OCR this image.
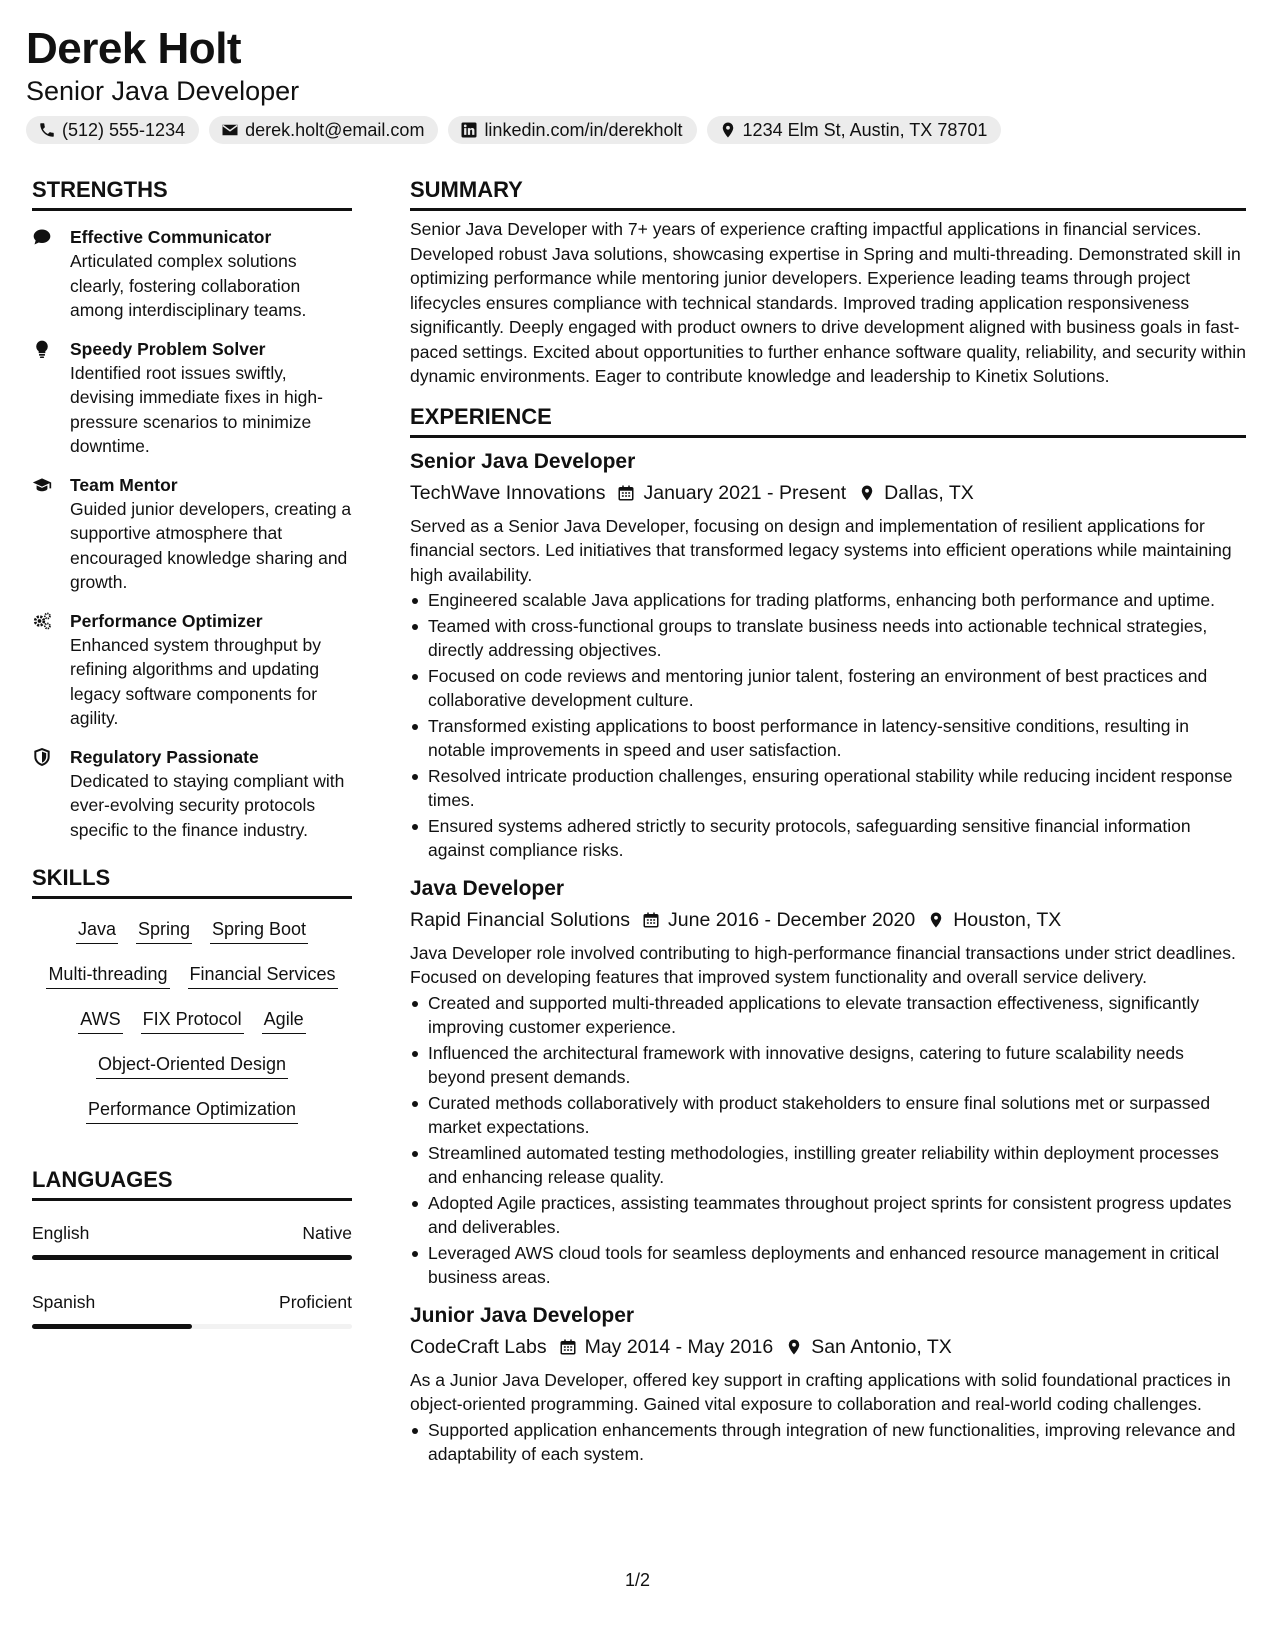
Derek Holt
Senior Java Developer
(512) 555-1234	derek.holt@email.com	linkedin.com/in/derekholt	1234 Elm St, Austin, TX 78701
STRENGTHS
Effective Communicator
Articulated complex solutions clearly, fostering collaboration among interdisciplinary teams.
Speedy Problem Solver
Identified root issues swiftly, devising immediate fixes in high-pressure scenarios to minimize downtime.
Team Mentor
Guided junior developers, creating a supportive atmosphere that encouraged knowledge sharing and growth.
Performance Optimizer
Enhanced system throughput by refining algorithms and updating legacy software components for agility.
Regulatory Passionate
Dedicated to staying compliant with ever-evolving security protocols specific to the finance industry.
SKILLS
Java Spring Spring Boot
Multi-threading Financial Services
AWS FIX Protocol Agile
Object-Oriented Design
Performance Optimization
LANGUAGES
English	Native
Spanish	Proficient
SUMMARY

Senior Java Developer with 7+ years of experience crafting impactful applications in financial services. Developed robust Java solutions, showcasing expertise in Spring and multi-threading. Demonstrated skill in optimizing performance while mentoring junior developers. Experience leading teams through project lifecycles ensures compliance with technical standards. Improved trading application responsiveness significantly. Deeply engaged with product owners to drive development aligned with business goals in fast-paced settings. Excited about opportunities to further enhance software quality, reliability, and security within dynamic environments. Eager to contribute knowledge and leadership to Kinetix Solutions.

EXPERIENCE
Senior Java Developer
TechWave Innovations January 2021 - Present Dallas, TX

Served as a Senior Java Developer, focusing on design and implementation of resilient applications for financial sectors. Led initiatives that transformed legacy systems into efficient operations while maintaining high availability.

Engineered scalable Java applications for trading platforms, enhancing both performance and uptime.
Teamed with cross-functional groups to translate business needs into actionable technical strategies, directly addressing objectives.
Focused on code reviews and mentoring junior talent, fostering an environment of best practices and collaborative development culture.
Transformed existing applications to boost performance in latency-sensitive conditions, resulting in notable improvements in speed and user satisfaction.
Resolved intricate production challenges, ensuring operational stability while reducing incident response times.
Ensured systems adhered strictly to security protocols, safeguarding sensitive financial information against compliance risks.
Java Developer
Rapid Financial Solutions June 2016 - December 2020 Houston, TX

Java Developer role involved contributing to high-performance financial transactions under strict deadlines. Focused on developing features that improved system functionality and overall service delivery.

Created and supported multi-threaded applications to elevate transaction effectiveness, significantly improving customer experience.
Influenced the architectural framework with innovative designs, catering to future scalability needs beyond present demands.
Curated methods collaboratively with product stakeholders to ensure final solutions met or surpassed market expectations.
Streamlined automated testing methodologies, instilling greater reliability within deployment processes and enhancing release quality.
Adopted Agile practices, assisting teammates throughout project sprints for consistent progress updates and deliverables.
Leveraged AWS cloud tools for seamless deployments and enhanced resource management in critical business areas.
Junior Java Developer
CodeCraft Labs May 2014 - May 2016 San Antonio, TX

As a Junior Java Developer, offered key support in crafting applications with solid foundational practices in object-oriented programming. Gained vital exposure to collaboration and real-world coding challenges.

Supported application enhancements through integration of new functionalities, improving relevance and adaptability of each system.
1/2
